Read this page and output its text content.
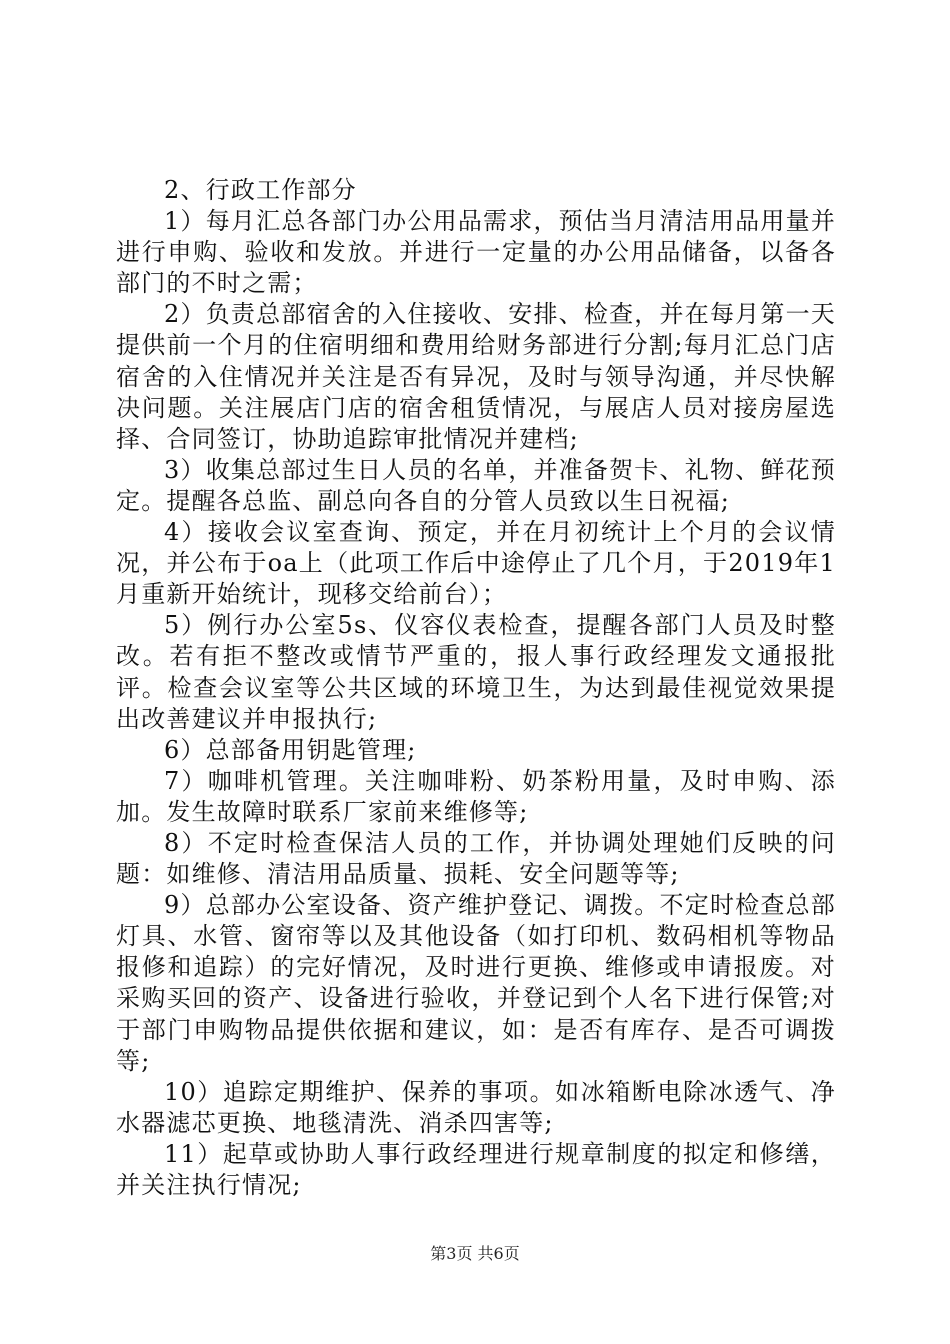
2、行政工作部分

1）每月汇总各部门办公用品需求，预估当月清洁用品用量并进行申购、验收和发放。并进行一定量的办公用品储备，以备各部门的不时之需；

2）负责总部宿舍的入住接收、安排、检查，并在每月第一天提供前一个月的住宿明细和费用给财务部进行分割;每月汇总门店宿舍的入住情况并关注是否有异况，及时与领导沟通，并尽快解决问题。关注展店门店的宿舍租赁情况，与展店人员对接房屋选择、合同签订，协助追踪审批情况并建档;

3）收集总部过生日人员的名单，并准备贺卡、礼物、鲜花预定。提醒各总监、副总向各自的分管人员致以生日祝福;

4）接收会议室查询、预定，并在月初统计上个月的会议情况，并公布于oa上（此项工作后中途停止了几个月，于2019年1月重新开始统计，现移交给前台）；

5）例行办公室5s、仪容仪表检查，提醒各部门人员及时整改。若有拒不整改或情节严重的，报人事行政经理发文通报批评。检查会议室等公共区域的环境卫生，为达到最佳视觉效果提出改善建议并申报执行;

6）总部备用钥匙管理;

7）咖啡机管理。关注咖啡粉、奶茶粉用量，及时申购、添加。发生故障时联系厂家前来维修等;

8）不定时检查保洁人员的工作，并协调处理她们反映的问题：如维修、清洁用品质量、损耗、安全问题等等;

9）总部办公室设备、资产维护登记、调拨。不定时检查总部灯具、水管、窗帘等以及其他设备（如打印机、数码相机等物品报修和追踪）的完好情况，及时进行更换、维修或申请报废。对采购买回的资产、设备进行验收，并登记到个人名下进行保管;对于部门申购物品提供依据和建议，如：是否有库存、是否可调拨等;

10）追踪定期维护、保养的事项。如冰箱断电除冰透气、净水器滤芯更换、地毯清洗、消杀四害等;

11）起草或协助人事行政经理进行规章制度的拟定和修缮，并关注执行情况;

第3页 共6页
